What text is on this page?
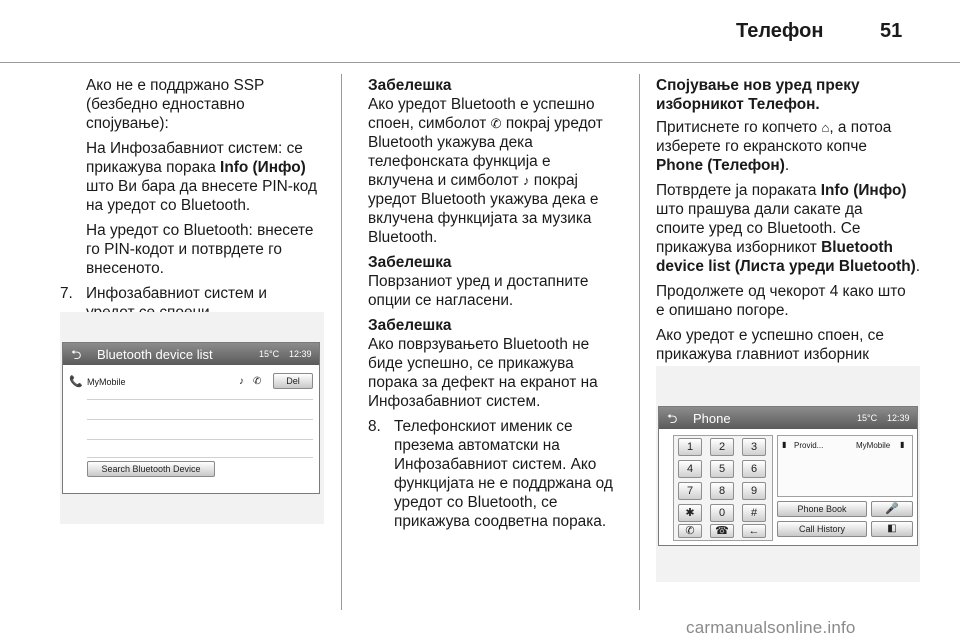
Телефон	51
Ако не е поддржано SSP
(безбедно едноставно
спојување):
На Инфозабавниот систем: се
прикажува порака Info (Инфо)
што Ви бара да внесете PIN-код
на уредот со Bluetooth.
На уредот со Bluetooth: внесете
го PIN-кодот и потврдете го
внесеното.
7. Инфозабавниот систем и
⮌ Bluetooth device list	15°C 12:39
📞 MyMobile	♪ ✆	Del
Search Bluetooth Device
Забелешка
Ако уредот Bluetooth е успешно
споен, симболот ✆ покрај уредот
Bluetooth укажува дека
телефонската функција е
вклучена и симболот ♪ покрај
уредот Bluetooth укажува дека е
вклучена функцијата за музика
Bluetooth.
Забелешка
Поврзаниот уред и достапните
опции се нагласени.
Забелешка
Ако поврзувањето Bluetooth не
биде успешно, се прикажува
порака за дефект на екранот на
Инфозабавниот систем.
8. Телефонскиот именик се
презема автоматски на
Инфозабавниот систем. Ако
функцијата не е поддржана од
уредот со Bluetooth, се
прикажува соодветна порака.
Спојување нов уред преку
изборникот Телефон.
Притиснете го копчето ⌂, а потоа
изберете го екранското копче
Phone (Телефон).
Потврдете ја пораката Info (Инфо)
што прашува дали сакате да
споите уред со Bluetooth. Се
прикажува изборникот Bluetooth
device list (Листа уреди Bluetooth).
Продолжете од чекорот 4 како што
е опишано погоре.
Ако уредот е успешно споен, се
прикажува главниот изборник
⮌ Phone	15°C 12:39
1	2	3
4	5	6
7	8	9
✱	0	#
✆	☎	←
▮ Provid...	MyMobile ▮
Phone Book	🎤
Call History	◧
carmanualsonline.info
